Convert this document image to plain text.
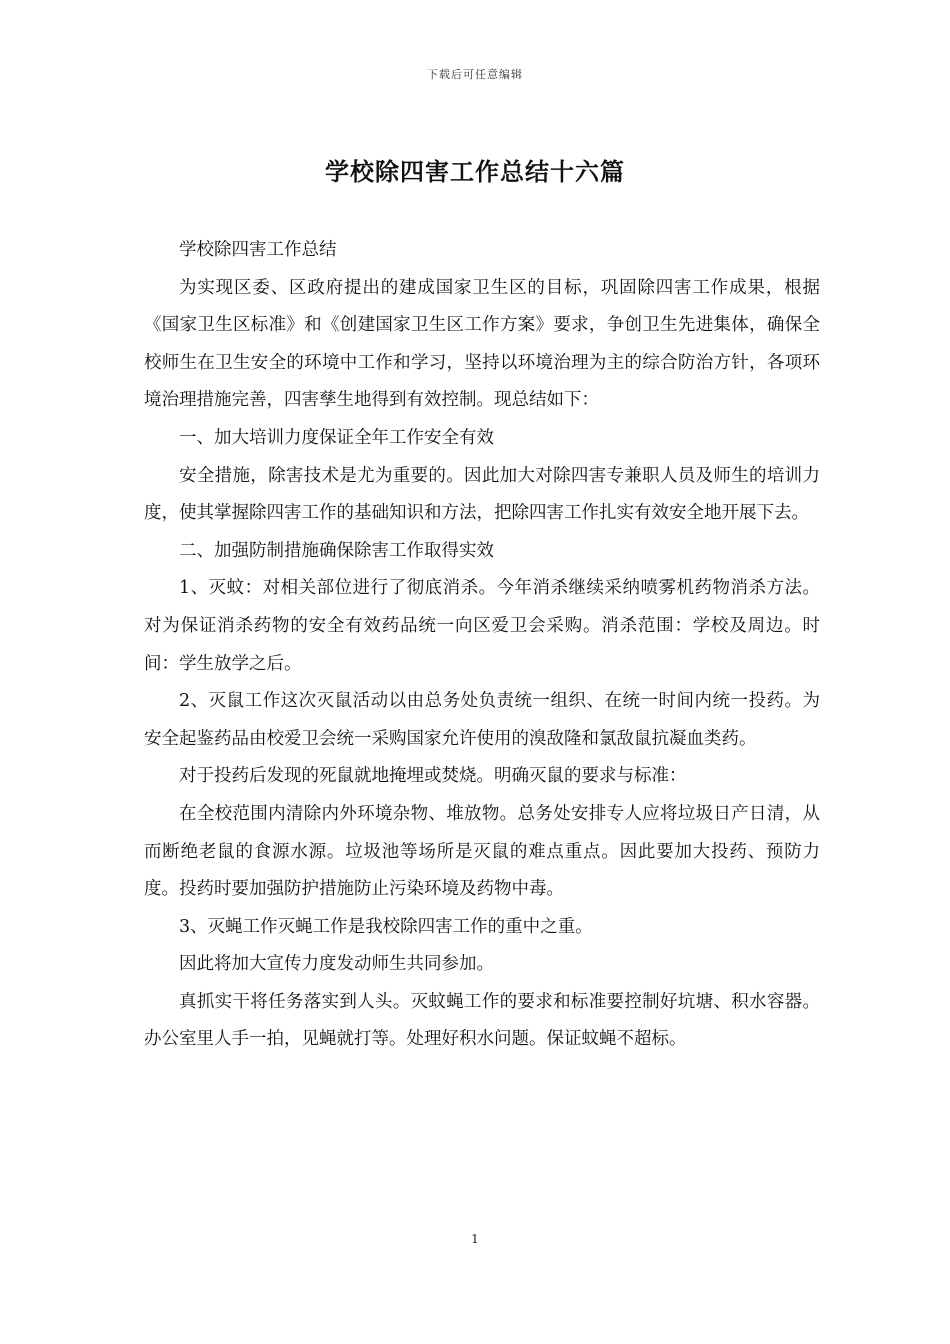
下载后可任意编辑
学校除四害工作总结十六篇

学校除四害工作总结

为实现区委、区政府提出的建成国家卫生区的目标，巩固除四害工作成果，根据《国家卫生区标准》和《创建国家卫生区工作方案》要求，争创卫生先进集体，确保全校师生在卫生安全的环境中工作和学习，坚持以环境治理为主的综合防治方针，各项环境治理措施完善，四害孳生地得到有效控制。现总结如下：

一、加大培训力度保证全年工作安全有效

安全措施，除害技术是尤为重要的。因此加大对除四害专兼职人员及师生的培训力度，使其掌握除四害工作的基础知识和方法，把除四害工作扎实有效安全地开展下去。

二、加强防制措施确保除害工作取得实效

1、灭蚊：对相关部位进行了彻底消杀。今年消杀继续采纳喷雾机药物消杀方法。对为保证消杀药物的安全有效药品统一向区爱卫会采购。消杀范围：学校及周边。时间：学生放学之后。

2、灭鼠工作这次灭鼠活动以由总务处负责统一组织、在统一时间内统一投药。为安全起鉴药品由校爱卫会统一采购国家允许使用的溴敌隆和氯敌鼠抗凝血类药。

对于投药后发现的死鼠就地掩埋或焚烧。明确灭鼠的要求与标准：

在全校范围内清除内外环境杂物、堆放物。总务处安排专人应将垃圾日产日清，从而断绝老鼠的食源水源。垃圾池等场所是灭鼠的难点重点。因此要加大投药、预防力度。投药时要加强防护措施防止污染环境及药物中毒。

3、灭蝇工作灭蝇工作是我校除四害工作的重中之重。

因此将加大宣传力度发动师生共同参加。

真抓实干将任务落实到人头。灭蚊蝇工作的要求和标准要控制好坑塘、积水容器。办公室里人手一拍，见蝇就打等。处理好积水问题。保证蚊蝇不超标。

1
